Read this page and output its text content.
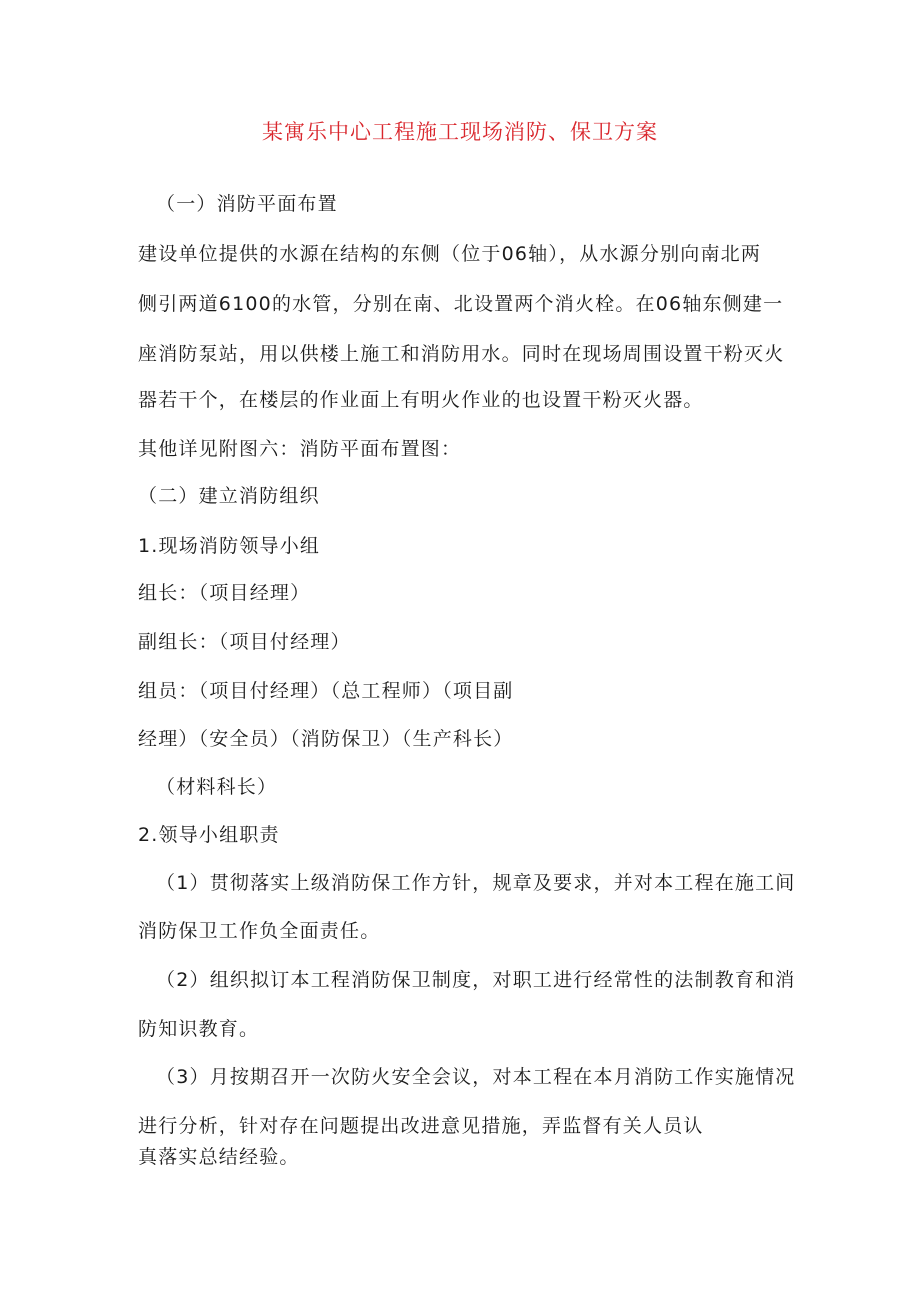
某寓乐中心工程施工现场消防、保卫方案
（一）消防平面布置
建设单位提供的水源在结构的东侧（位于06轴），从水源分别向南北两
侧引两道6100的水管，分别在南、北设置两个消火栓。在06轴东侧建一
座消防泵站，用以供楼上施工和消防用水。同时在现场周围设置干粉灭火
器若干个，在楼层的作业面上有明火作业的也设置干粉灭火器。
其他详见附图六：消防平面布置图：
（二）建立消防组织
1.现场消防领导小组
组长：（项目经理）
副组长：（项目付经理）
组员：（项目付经理）（总工程师）（项目副
经理）（安全员）（消防保卫）（生产科长）
（材料科长）
2.领导小组职责
（1）贯彻落实上级消防保工作方针，规章及要求，并对本工程在施工间
消防保卫工作负全面责任。
（2）组织拟订本工程消防保卫制度，对职工进行经常性的法制教育和消
防知识教育。
（3）月按期召开一次防火安全会议，对本工程在本月消防工作实施情况
进行分析，针对存在问题提出改进意见措施，弄监督有关人员认
真落实总结经验。
